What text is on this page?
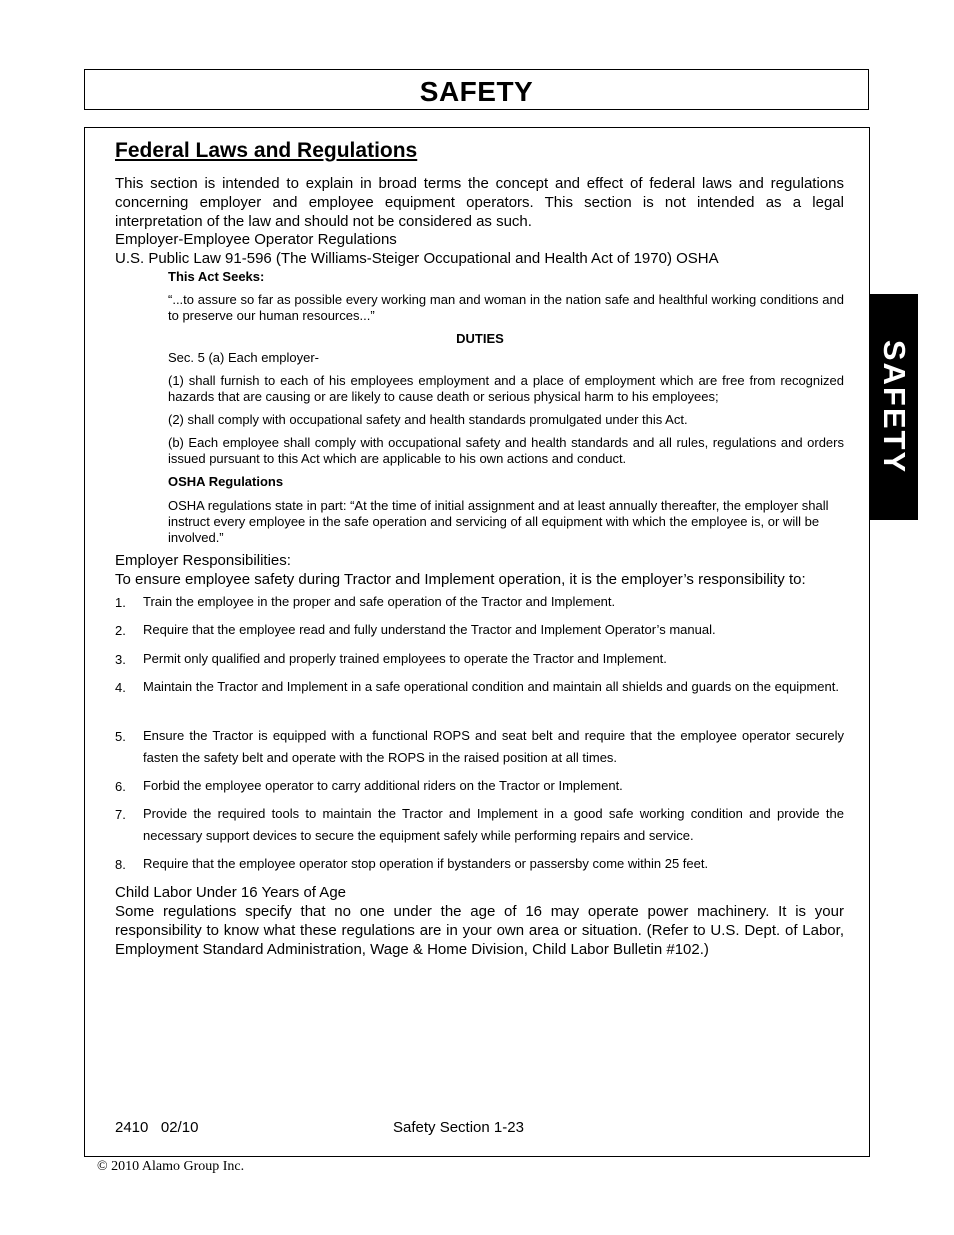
SAFETY
SAFETY
Federal Laws and Regulations
This section is intended to explain in broad terms the concept and effect of federal laws and regulations concerning employer and employee equipment operators. This section is not intended as a legal interpretation of the law and should not be considered as such.
Employer-Employee Operator Regulations
U.S. Public Law 91-596 (The Williams-Steiger Occupational and Health Act of 1970) OSHA
This Act Seeks:
“...to assure so far as possible every working man and woman in the nation safe and healthful working conditions and to preserve our human resources...”
DUTIES
Sec. 5 (a) Each employer-
(1) shall furnish to each of his employees employment and a place of employment which are free from recognized hazards that are causing or are likely to cause death or serious physical harm to his employees;
(2) shall comply with occupational safety and health standards promulgated under this Act.
(b) Each employee shall comply with occupational safety and health standards and all rules, regulations and orders issued pursuant to this Act which are applicable to his own actions and conduct.
OSHA Regulations
OSHA regulations state in part: “At the time of initial assignment and at least annually thereafter, the employer shall instruct every employee in the safe operation and servicing of all equipment with which the employee is, or will be involved.”
Employer Responsibilities:
To ensure employee safety during Tractor and Implement operation, it is the employer’s responsibility to:
1. Train the employee in the proper and safe operation of the Tractor and Implement.
2. Require that the employee read and fully understand the Tractor and Implement Operator’s manual.
3. Permit only qualified and properly trained employees to operate the Tractor and Implement.
4. Maintain the Tractor and Implement in a safe operational condition and maintain all shields and guards on the equipment.
5. Ensure the Tractor is equipped with a functional ROPS and seat belt and require that the employee operator securely fasten the safety belt and operate with the ROPS in the raised position at all times.
6. Forbid the employee operator to carry additional riders on the Tractor or Implement.
7. Provide the required tools to maintain the Tractor and Implement in a good safe working condition and provide the necessary support devices to secure the equipment safely while performing repairs and service.
8. Require that the employee operator stop operation if bystanders or passersby come within 25 feet.
Child Labor Under 16 Years of Age
Some regulations specify that no one under the age of 16 may operate power machinery. It is your responsibility to know what these regulations are in your own area or situation. (Refer to U.S. Dept. of Labor, Employment Standard Administration, Wage & Home Division, Child Labor Bulletin #102.)
2410   02/10	Safety Section 1-23
© 2010 Alamo Group Inc.
